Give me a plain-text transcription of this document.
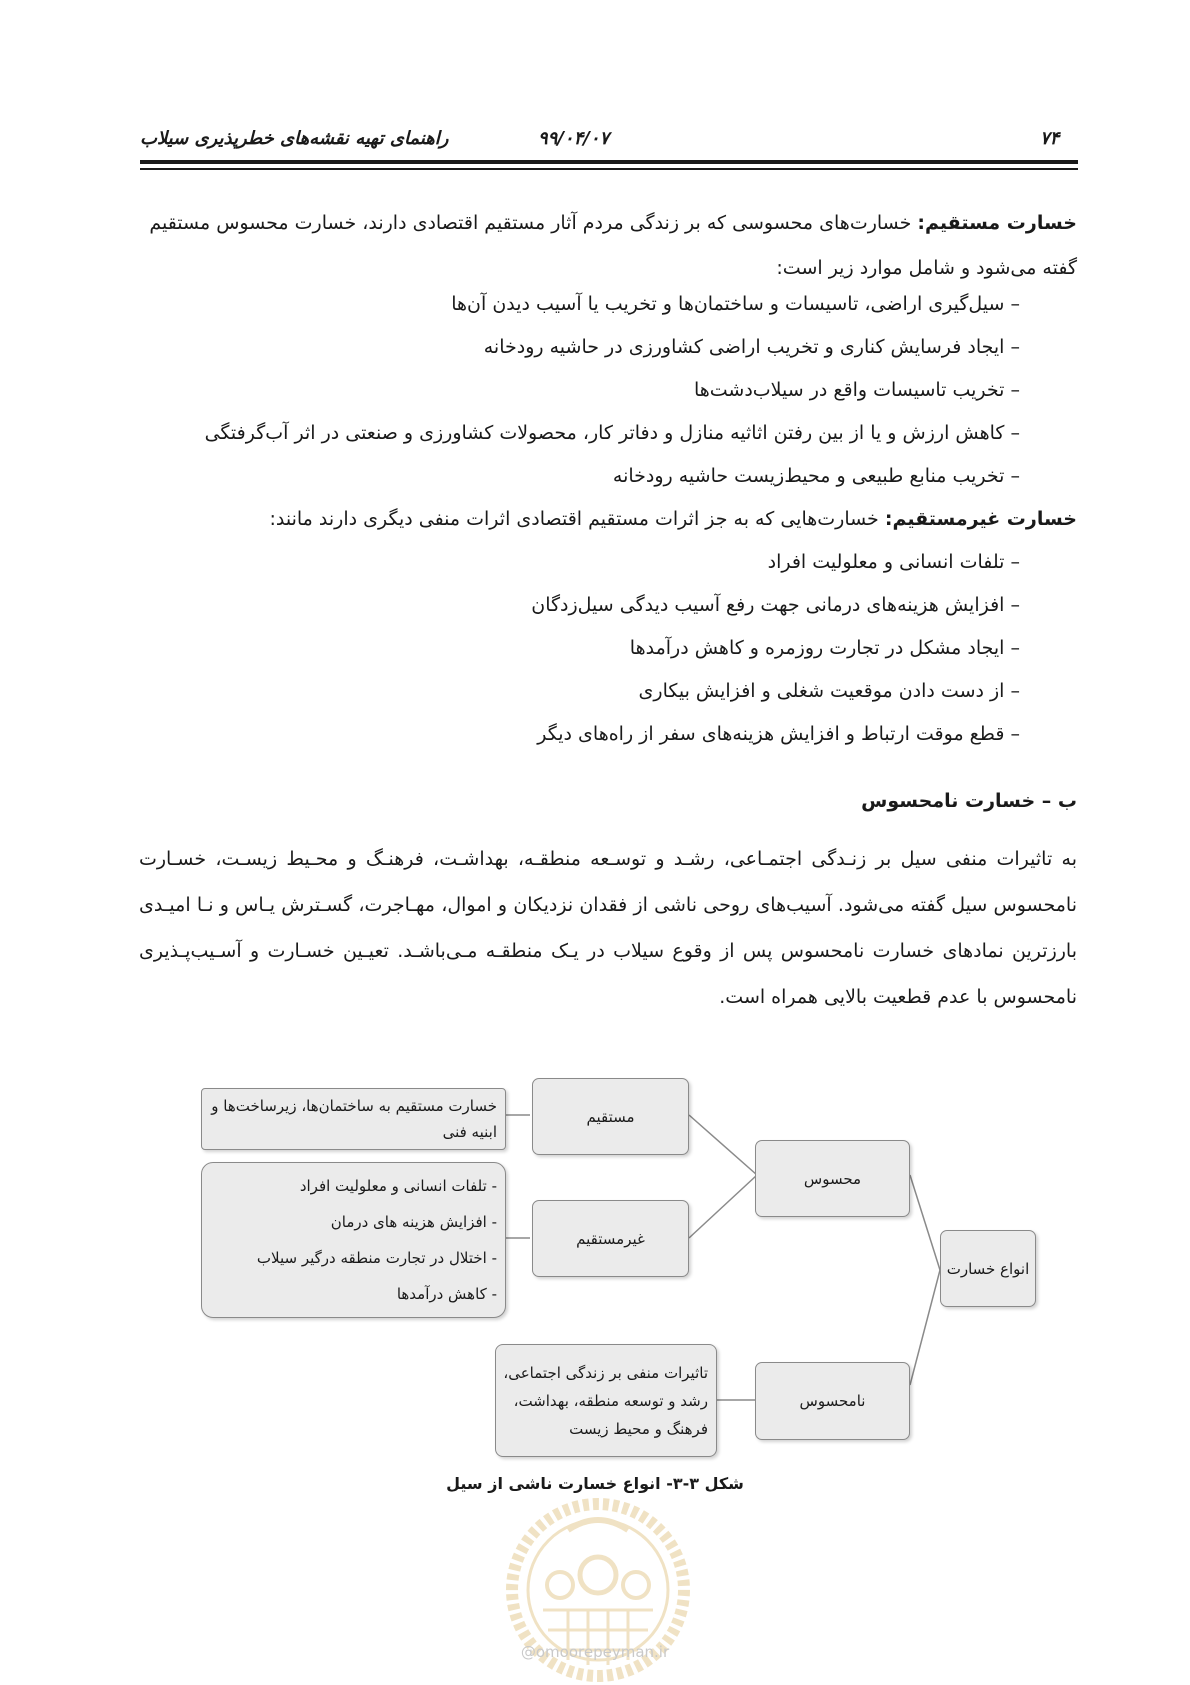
راهنمای تهیه نقشه‌های خطرپذیری سیلاب	۹۹/۰۴/۰۷	۷۴
خسارت مستقیم: خسارت‌های محسوسی که بر زندگی مردم آثار مستقیم اقتصادی دارند، خسارت محسوس مستقیم
گفته می‌شود و شامل موارد زیر است:
– سیل‌گیری اراضی، تاسیسات و ساختمان‌ها و تخریب یا آسیب دیدن آن‌ها
– ایجاد فرسایش کناری و تخریب اراضی کشاورزی در حاشیه رودخانه
– تخریب تاسیسات واقع در سیلاب‌دشت‌ها
– کاهش ارزش و یا از بین رفتن اثاثیه منازل و دفاتر کار، محصولات کشاورزی و صنعتی در اثر آب‌گرفتگی
– تخریب منابع طبیعی و محیط‌زیست حاشیه رودخانه
خسارت غیرمستقیم: خسارت‌هایی که به جز اثرات مستقیم اقتصادی اثرات منفی دیگری دارند مانند:
– تلفات انسانی و معلولیت افراد
– افزایش هزینه‌های درمانی جهت رفع آسیب دیدگی سیل‌زدگان
– ایجاد مشکل در تجارت روزمره و کاهش درآمدها
– از دست دادن موقعیت شغلی و افزایش بیکاری
– قطع موقت ارتباط و افزایش هزینه‌های سفر از راه‌های دیگر
ب – خسارت نامحسوس
به تاثیرات منفی سیل بر زنـدگی اجتمـاعی، رشـد و توسـعه منطقـه، بهداشـت، فرهنـگ و محـیط زیسـت، خسـارت
نامحسوس سیل گفته می‌شود. آسیب‌های روحی ناشی از فقدان نزدیکان و اموال، مهـاجرت، گسـترش یـاس و نـا امیـدی
بارزترین نمادهای خسارت نامحسوس پس از وقوع سیلاب در یـک منطقـه مـی‌باشـد. تعیـین خسـارت و آسـیب‌پـذیری
نامحسوس با عدم قطعیت بالایی همراه است.
انواع خسارت
محسوس
نامحسوس
مستقیم
غیرمستقیم
خسارت مستقیم به ساختمان‌ها، زیرساخت‌ها و
ابنیه فنی
- تلفات انسانی و معلولیت افراد
- افزایش هزینه های درمان
- اختلال در تجارت منطقه درگیر سیلاب
- کاهش درآمدها
تاثیرات منفی بر زندگی اجتماعی،
رشد و توسعه منطقه، بهداشت،
فرهنگ و محیط زیست
شکل ۳-۳- انواع خسارت ناشی از سیل
@omoorepeyman.ir
